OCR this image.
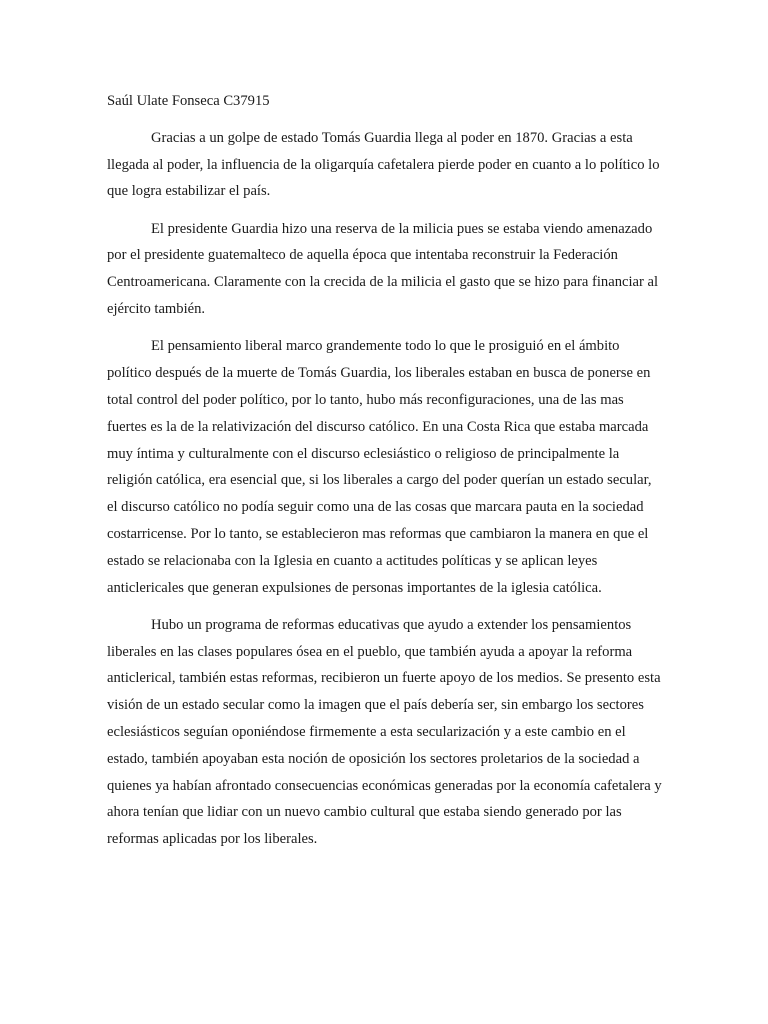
Saúl Ulate Fonseca C37915

Gracias a un golpe de estado Tomás Guardia llega al poder en 1870. Gracias a esta llegada al poder, la influencia de la oligarquía cafetalera pierde poder en cuanto a lo político lo que logra estabilizar el país.

El presidente Guardia hizo una reserva de la milicia pues se estaba viendo amenazado por el presidente guatemalteco de aquella época que intentaba reconstruir la Federación Centroamericana. Claramente con la crecida de la milicia el gasto que se hizo para financiar al ejército también.

El pensamiento liberal marco grandemente todo lo que le prosiguió en el ámbito político después de la muerte de Tomás Guardia, los liberales estaban en busca de ponerse en total control del poder político, por lo tanto, hubo más reconfiguraciones, una de las mas fuertes es la de la relativización del discurso católico. En una Costa Rica que estaba marcada muy íntima y culturalmente con el discurso eclesiástico o religioso de principalmente la religión católica, era esencial que, si los liberales a cargo del poder querían un estado secular, el discurso católico no podía seguir como una de las cosas que marcara pauta en la sociedad costarricense. Por lo tanto, se establecieron mas reformas que cambiaron la manera en que el estado se relacionaba con la Iglesia en cuanto a actitudes políticas y se aplican leyes anticlericales que generan expulsiones de personas importantes de la iglesia católica.

Hubo un programa de reformas educativas que ayudo a extender los pensamientos liberales en las clases populares ósea en el pueblo, que también ayuda a apoyar la reforma anticlerical, también estas reformas, recibieron un fuerte apoyo de los medios. Se presento esta visión de un estado secular como la imagen que el país debería ser, sin embargo los sectores eclesiásticos seguían oponiéndose firmemente a esta secularización y a este cambio en el estado, también apoyaban esta noción de oposición los sectores proletarios de la sociedad a quienes ya habían afrontado consecuencias económicas generadas por la economía cafetalera y ahora tenían que lidiar con un nuevo cambio cultural que estaba siendo generado por las reformas aplicadas por los liberales.
